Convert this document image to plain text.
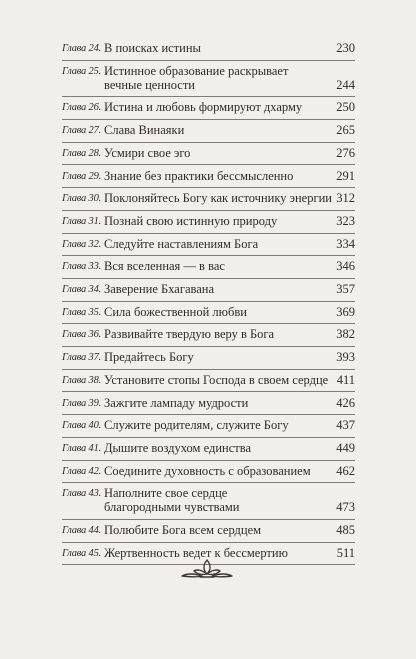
Глава 24. В поисках истины	230
Глава 25. Истинное образование раскрывает
вечные ценности	244
Глава 26. Истина и любовь формируют дхарму	250
Глава 27. Слава Винаяки	265
Глава 28. Усмири свое эго	276
Глава 29. Знание без практики бессмысленно	291
Глава 30. Поклоняйтесь Богу как источнику энергии 312
Глава 31. Познай свою истинную природу	323
Глава 32. Следуйте наставлениям Бога	334
Глава 33. Вся вселенная — в вас	346
Глава 34. Заверение Бхагавана	357
Глава 35. Сила божественной любви	369
Глава 36. Развивайте твердую веру в Бога	382
Глава 37. Предайтесь Богу	393
Глава 38. Установите стопы Господа в своем сердце 411
Глава 39. Зажгите лампаду мудрости	426
Глава 40. Служите родителям, служите Богу	437
Глава 41. Дышите воздухом единства	449
Глава 42. Соедините духовность с образованием 462
Глава 43. Наполните свое сердце
благородными чувствами	473
Глава 44. Полюбите Бога всем сердцем	485
Глава 45. Жертвенность ведет к бессмертию	511
